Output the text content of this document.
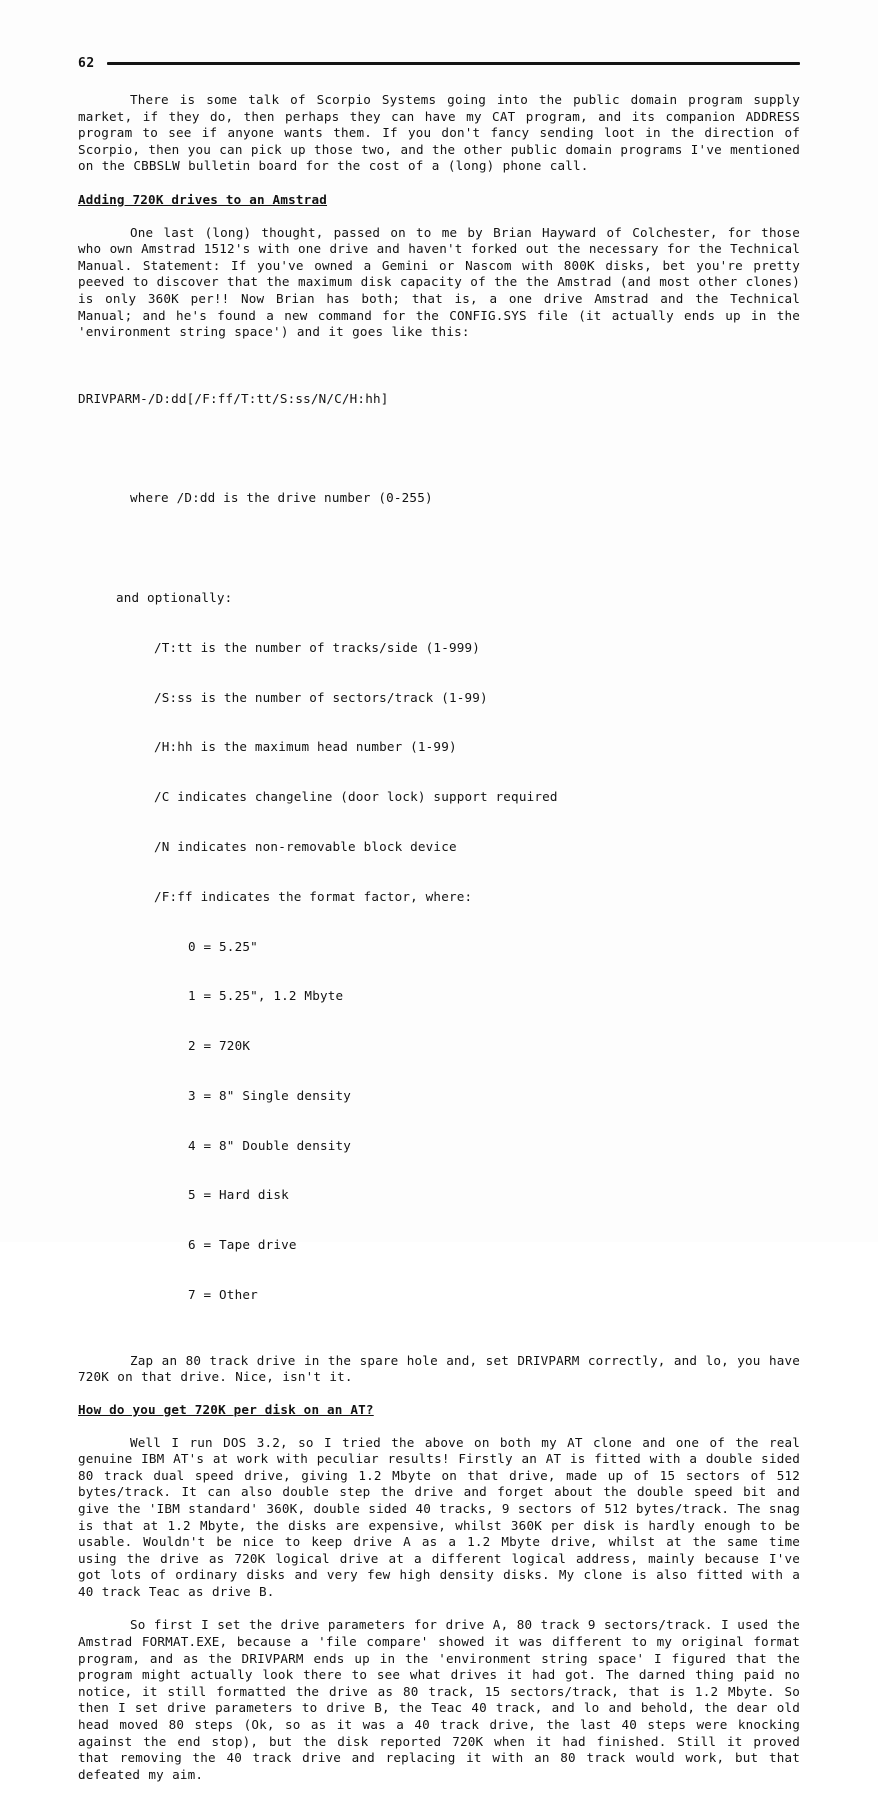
62

There is some talk of Scorpio Systems going into the public domain program supply market, if they do, then perhaps they can have my CAT program, and its companion ADDRESS program to see if anyone wants them. If you don't fancy sending loot in the direction of Scorpio, then you can pick up those two, and the other public domain programs I've mentioned on the CBBSLW bulletin board for the cost of a (long) phone call.

Adding 720K drives to an Amstrad

One last (long) thought, passed on to me by Brian Hayward of Colchester, for those who own Amstrad 1512's with one drive and haven't forked out the necessary for the Technical Manual. Statement: If you've owned a Gemini or Nascom with 800K disks, bet you're pretty peeved to discover that the maximum disk capacity of the the Amstrad (and most other clones) is only 360K per!! Now Brian has both; that is, a one drive Amstrad and the Technical Manual; and he's found a new command for the CONFIG.SYS file (it actually ends up in the 'environment string space') and it goes like this:

DRIVPARM-/D:dd[/F:ff/T:tt/S:ss/N/C/H:hh]

where /D:dd is the drive number (0-255)

and optionally:

/T:tt is the number of tracks/side (1-999)

/S:ss is the number of sectors/track (1-99)

/H:hh is the maximum head number (1-99)

/C indicates changeline (door lock) support required

/N indicates non-removable block device

/F:ff indicates the format factor, where:

0 = 5.25"

1 = 5.25", 1.2 Mbyte

2 = 720K

3 = 8" Single density

4 = 8" Double density

5 = Hard disk

6 = Tape drive

7 = Other

Zap an 80 track drive in the spare hole and, set DRIVPARM correctly, and lo, you have 720K on that drive. Nice, isn't it.

How do you get 720K per disk on an AT?

Well I run DOS 3.2, so I tried the above on both my AT clone and one of the real genuine IBM AT's at work with peculiar results! Firstly an AT is fitted with a double sided 80 track dual speed drive, giving 1.2 Mbyte on that drive, made up of 15 sectors of 512 bytes/track. It can also double step the drive and forget about the double speed bit and give the 'IBM standard' 360K, double sided 40 tracks, 9 sectors of 512 bytes/track. The snag is that at 1.2 Mbyte, the disks are expensive, whilst 360K per disk is hardly enough to be usable. Wouldn't be nice to keep drive A as a 1.2 Mbyte drive, whilst at the same time using the drive as 720K logical drive at a different logical address, mainly because I've got lots of ordinary disks and very few high density disks. My clone is also fitted with a 40 track Teac as drive B.

So first I set the drive parameters for drive A, 80 track 9 sectors/track. I used the Amstrad FORMAT.EXE, because a 'file compare' showed it was different to my original format program, and as the DRIVPARM ends up in the 'environment string space' I figured that the program might actually look there to see what drives it had got. The darned thing paid no notice, it still formatted the drive as 80 track, 15 sectors/track, that is 1.2 Mbyte. So then I set drive parameters to drive B, the Teac 40 track, and lo and behold, the dear old head moved 80 steps (Ok, so as it was a 40 track drive, the last 40 steps were knocking against the end stop), but the disk reported 720K when it had finished. Still it proved that removing the 40 track drive and replacing it with an 80 track would work, but that defeated my aim.
